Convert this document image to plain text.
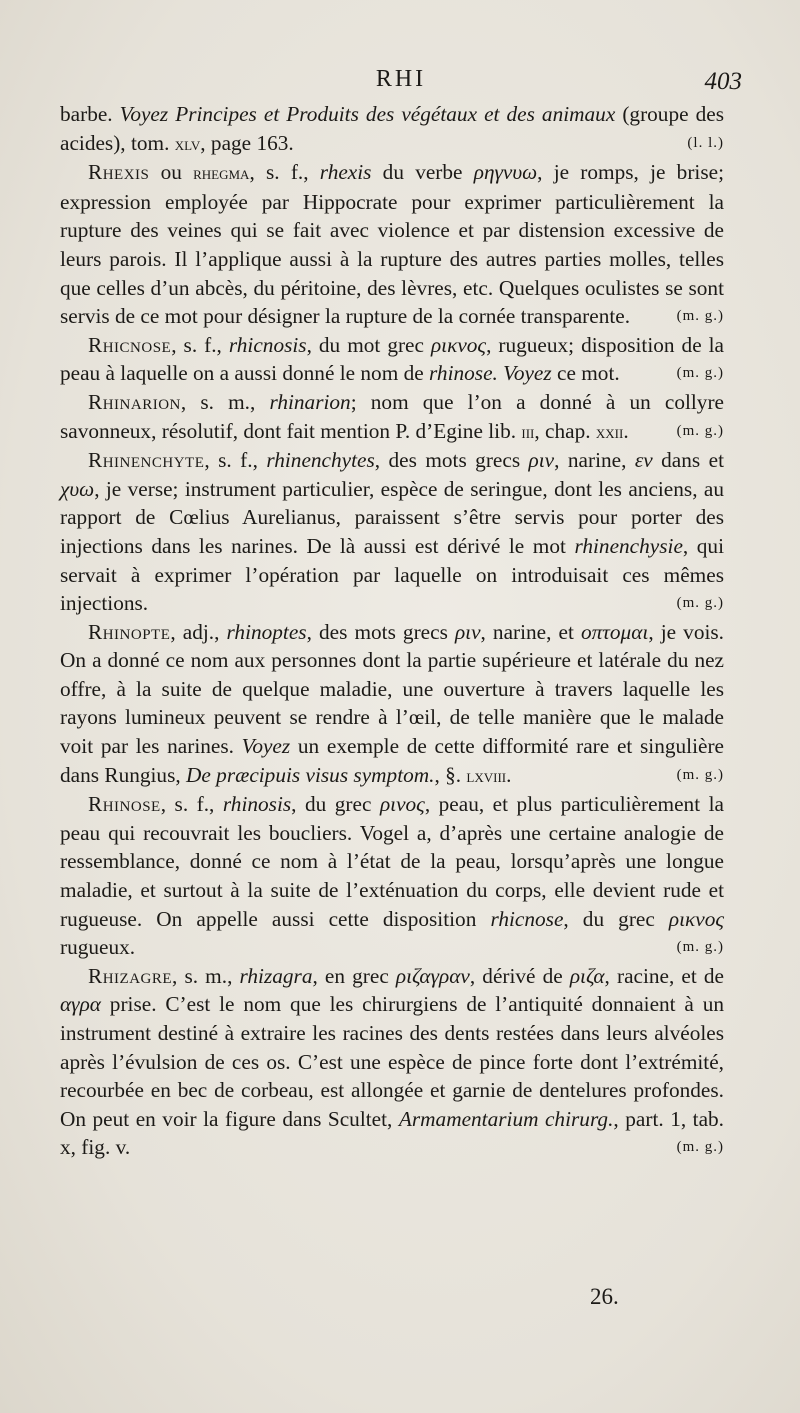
RHI	403

barbe. Voyez Principes et Produits des végétaux et des animaux (groupe des acides), tom. xlv, page 163.	(l. l.)

Rhexis ou rhegma, s. f., rhexis du verbe ρηγνυω, je romps, je brise; expression employée par Hippocrate pour exprimer particulièrement la rupture des veines qui se fait avec violence et par distension excessive de leurs parois. Il l’applique aussi à la rupture des autres parties molles, telles que celles d’un abcès, du péritoine, des lèvres, etc. Quelques oculistes se sont servis de ce mot pour désigner la rupture de la cornée transparente.	(m. g.)

Rhicnose, s. f., rhicnosis, du mot grec ρικνος, rugueux; disposition de la peau à laquelle on a aussi donné le nom de rhinose. Voyez ce mot.	(m. g.)

Rhinarion, s. m., rhinarion; nom que l’on a donné à un collyre savonneux, résolutif, dont fait mention P. d’Egine lib. iii, chap. xxii.	(m. g.)

Rhinenchyte, s. f., rhinenchytes, des mots grecs ριν, narine, εν dans et χυω, je verse; instrument particulier, espèce de seringue, dont les anciens, au rapport de Cœlius Aurelianus, paraissent s’être servis pour porter des injections dans les narines. De là aussi est dérivé le mot rhinenchysie, qui servait à exprimer l’opération par laquelle on introduisait ces mêmes injections.	(m. g.)

Rhinopte, adj., rhinoptes, des mots grecs ριν, narine, et οπτομαι, je vois. On a donné ce nom aux personnes dont la partie supérieure et latérale du nez offre, à la suite de quelque maladie, une ouverture à travers laquelle les rayons lumineux peuvent se rendre à l’œil, de telle manière que le malade voit par les narines. Voyez un exemple de cette difformité rare et singulière dans Rungius, De præcipuis visus symptom., §. lxviii.	(m. g.)

Rhinose, s. f., rhinosis, du grec ρινος, peau, et plus particulièrement la peau qui recouvrait les boucliers. Vogel a, d’après une certaine analogie de ressemblance, donné ce nom à l’état de la peau, lorsqu’après une longue maladie, et surtout à la suite de l’exténuation du corps, elle devient rude et rugueuse. On appelle aussi cette disposition rhicnose, du grec ρικνος rugueux.	(m. g.)

Rhizagre, s. m., rhizagra, en grec ριζαγραν, dérivé de ριζα, racine, et de αγρα prise. C’est le nom que les chirurgiens de l’antiquité donnaient à un instrument destiné à extraire les racines des dents restées dans leurs alvéoles après l’évulsion de ces os. C’est une espèce de pince forte dont l’extrémité, recourbée en bec de corbeau, est allongée et garnie de dentelures profondes. On peut en voir la figure dans Scultet, Armamentarium chirurg., part. 1, tab. x, fig. v.	(m. g.)

26.
